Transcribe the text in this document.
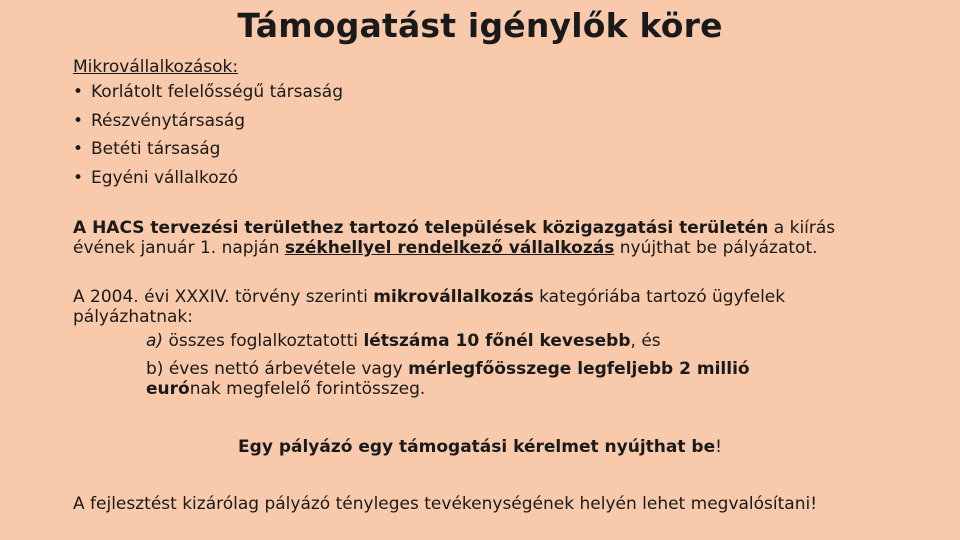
Támogatást igénylők köre
Mikrovállalkozások:
• Korlátolt felelősségű társaság
• Részvénytársaság
• Betéti társaság
• Egyéni vállalkozó

A HACS tervezési területhez tartozó települések közigazgatási területén a kiírás évének január 1. napján székhellyel rendelkező vállalkozás nyújthat be pályázatot.

A 2004. évi XXXIV. törvény szerinti mikrovállalkozás kategóriába tartozó ügyfelek pályázhatnak:

a) összes foglalkoztatotti létszáma 10 főnél kevesebb, és

b) éves nettó árbevétele vagy mérlegfőösszege legfeljebb 2 millió eurónak megfelelő forintösszeg.

Egy pályázó egy támogatási kérelmet nyújthat be!

A fejlesztést kizárólag pályázó tényleges tevékenységének helyén lehet megvalósítani!
